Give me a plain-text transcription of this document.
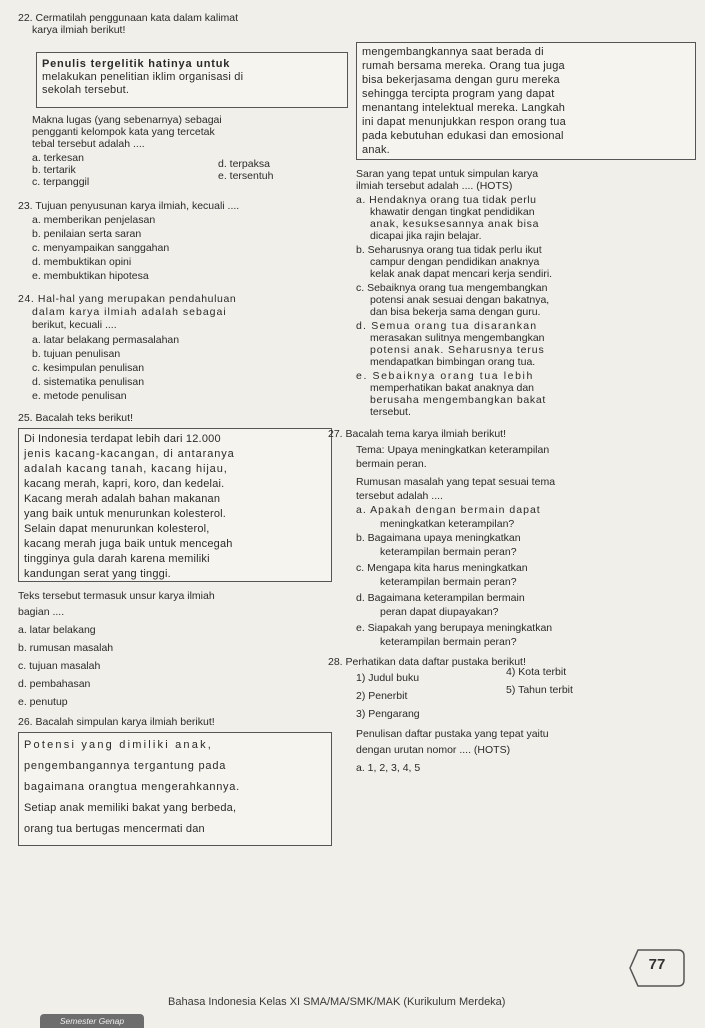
22. Cermatilah penggunaan kata dalam kalimat
karya ilmiah berikut!
Penulis tergelitik hatinya untuk
melakukan penelitian iklim organisasi di
sekolah tersebut.
Makna lugas (yang sebenarnya) sebagai
pengganti kelompok kata yang tercetak
tebal tersebut adalah ....
a. terkesan
b. tertarik
c. terpanggil
d. terpaksa
e. tersentuh
23. Tujuan penyusunan karya ilmiah, kecuali ....
a. memberikan penjelasan
b. penilaian serta saran
c. menyampaikan sanggahan
d. membuktikan opini
e. membuktikan hipotesa
24. Hal-hal yang merupakan pendahuluan
dalam karya ilmiah adalah sebagai
berikut, kecuali ....
a. latar belakang permasalahan
b. tujuan penulisan
c. kesimpulan penulisan
d. sistematika penulisan
e. metode penulisan
25. Bacalah teks berikut!
Di Indonesia terdapat lebih dari 12.000
jenis kacang-kacangan, di antaranya
adalah kacang tanah, kacang hijau,
kacang merah, kapri, koro, dan kedelai.
Kacang merah adalah bahan makanan
yang baik untuk menurunkan kolesterol.
Selain dapat menurunkan kolesterol,
kacang merah juga baik untuk mencegah
tingginya gula darah karena memiliki
kandungan serat yang tinggi.
Teks tersebut termasuk unsur karya ilmiah
bagian ....
a. latar belakang
b. rumusan masalah
c. tujuan masalah
d. pembahasan
e. penutup
26. Bacalah simpulan karya ilmiah berikut!
Potensi yang dimiliki anak,
pengembangannya tergantung pada
bagaimana orangtua mengerahkannya.
Setiap anak memiliki bakat yang berbeda,
orang tua bertugas mencermati dan
mengembangkannya saat berada di
rumah bersama mereka. Orang tua juga
bisa bekerjasama dengan guru mereka
sehingga tercipta program yang dapat
menantang intelektual mereka. Langkah
ini dapat menunjukkan respon orang tua
pada kebutuhan edukasi dan emosional
anak.
Saran yang tepat untuk simpulan karya
ilmiah tersebut adalah .... (HOTS)
a. Hendaknya orang tua tidak perlu
khawatir dengan tingkat pendidikan
anak, kesuksesannya anak bisa
dicapai jika rajin belajar.
b. Seharusnya orang tua tidak perlu ikut
campur dengan pendidikan anaknya
kelak anak dapat mencari kerja sendiri.
c. Sebaiknya orang tua mengembangkan
potensi anak sesuai dengan bakatnya,
dan bisa bekerja sama dengan guru.
d. Semua orang tua disarankan
merasakan sulitnya mengembangkan
potensi anak. Seharusnya terus
mendapatkan bimbingan orang tua.
e. Sebaiknya orang tua lebih
memperhatikan bakat anaknya dan
berusaha mengembangkan bakat
tersebut.
27. Bacalah tema karya ilmiah berikut!
Tema: Upaya meningkatkan keterampilan
bermain peran.
Rumusan masalah yang tepat sesuai tema
tersebut adalah ....
a. Apakah dengan bermain dapat
meningkatkan keterampilan?
b. Bagaimana upaya meningkatkan
keterampilan bermain peran?
c. Mengapa kita harus meningkatkan
keterampilan bermain peran?
d. Bagaimana keterampilan bermain
peran dapat diupayakan?
e. Siapakah yang berupaya meningkatkan
keterampilan bermain peran?
28. Perhatikan data daftar pustaka berikut!
1) Judul buku
2) Penerbit
3) Pengarang
4) Kota terbit
5) Tahun terbit
Penulisan daftar pustaka yang tepat yaitu
dengan urutan nomor .... (HOTS)
a. 1, 2, 3, 4, 5
Bahasa Indonesia Kelas XI SMA/MA/SMK/MAK (Kurikulum Merdeka)
77
Semester Genap
